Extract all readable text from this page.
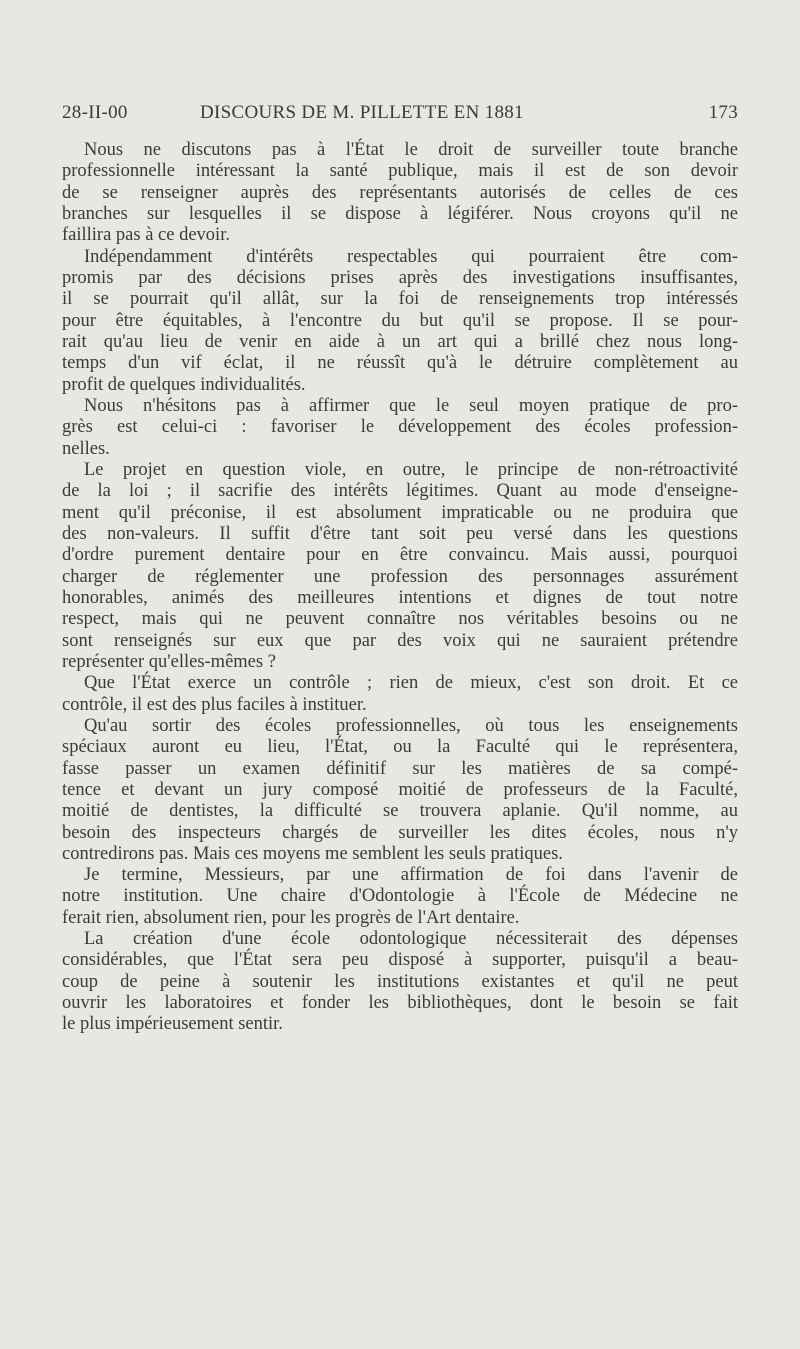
28-II-00	DISCOURS DE M. PILLETTE EN 1881	173
Nous ne discutons pas à l'État le droit de surveiller toute branche
professionnelle intéressant la santé publique, mais il est de son devoir
de se renseigner auprès des représentants autorisés de celles de ces
branches sur lesquelles il se dispose à légiférer. Nous croyons qu'il ne
faillira pas à ce devoir.
Indépendamment d'intérêts respectables qui pourraient être com-
promis par des décisions prises après des investigations insuffisantes,
il se pourrait qu'il allât, sur la foi de renseignements trop intéressés
pour être équitables, à l'encontre du but qu'il se propose. Il se pour-
rait qu'au lieu de venir en aide à un art qui a brillé chez nous long-
temps d'un vif éclat, il ne réussît qu'à le détruire complètement au
profit de quelques individualités.
Nous n'hésitons pas à affirmer que le seul moyen pratique de pro-
grès est celui-ci : favoriser le développement des écoles profession-
nelles.
Le projet en question viole, en outre, le principe de non-rétroactivité
de la loi ; il sacrifie des intérêts légitimes. Quant au mode d'enseigne-
ment qu'il préconise, il est absolument impraticable ou ne produira que
des non-valeurs. Il suffit d'être tant soit peu versé dans les questions
d'ordre purement dentaire pour en être convaincu. Mais aussi, pourquoi
charger de réglementer une profession des personnages assurément
honorables, animés des meilleures intentions et dignes de tout notre
respect, mais qui ne peuvent connaître nos véritables besoins ou ne
sont renseignés sur eux que par des voix qui ne sauraient prétendre
représenter qu'elles-mêmes ?
Que l'État exerce un contrôle ; rien de mieux, c'est son droit. Et ce
contrôle, il est des plus faciles à instituer.
Qu'au sortir des écoles professionnelles, où tous les enseignements
spéciaux auront eu lieu, l'État, ou la Faculté qui le représentera,
fasse passer un examen définitif sur les matières de sa compé-
tence et devant un jury composé moitié de professeurs de la Faculté,
moitié de dentistes, la difficulté se trouvera aplanie. Qu'il nomme, au
besoin des inspecteurs chargés de surveiller les dites écoles, nous n'y
contredirons pas. Mais ces moyens me semblent les seuls pratiques.
Je termine, Messieurs, par une affirmation de foi dans l'avenir de
notre institution. Une chaire d'Odontologie à l'École de Médecine ne
ferait rien, absolument rien, pour les progrès de l'Art dentaire.
La création d'une école odontologique nécessiterait des dépenses
considérables, que l'État sera peu disposé à supporter, puisqu'il a beau-
coup de peine à soutenir les institutions existantes et qu'il ne peut
ouvrir les laboratoires et fonder les bibliothèques, dont le besoin se fait
le plus impérieusement sentir.
